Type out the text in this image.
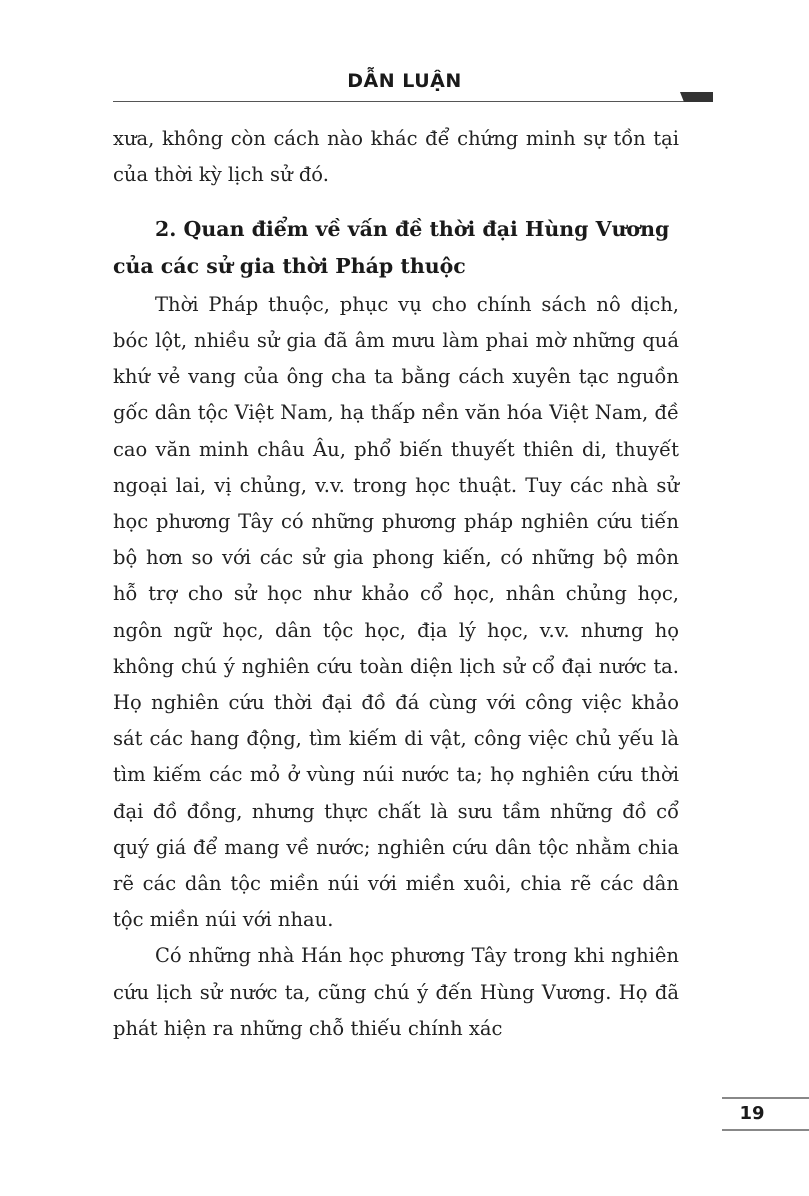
DẪN LUẬN

xưa, không còn cách nào khác để chứng minh sự tồn tại của thời kỳ lịch sử đó.

2. Quan điểm về vấn đề thời đại Hùng Vương của các sử gia thời Pháp thuộc

Thời Pháp thuộc, phục vụ cho chính sách nô dịch, bóc lột, nhiều sử gia đã âm mưu làm phai mờ những quá khứ vẻ vang của ông cha ta bằng cách xuyên tạc nguồn gốc dân tộc Việt Nam, hạ thấp nền văn hóa Việt Nam, đề cao văn minh châu Âu, phổ biến thuyết thiên di, thuyết ngoại lai, vị chủng, v.v. trong học thuật. Tuy các nhà sử học phương Tây có những phương pháp nghiên cứu tiến bộ hơn so với các sử gia phong kiến, có những bộ môn hỗ trợ cho sử học như khảo cổ học, nhân chủng học, ngôn ngữ học, dân tộc học, địa lý học, v.v. nhưng họ không chú ý nghiên cứu toàn diện lịch sử cổ đại nước ta. Họ nghiên cứu thời đại đồ đá cùng với công việc khảo sát các hang động, tìm kiếm di vật, công việc chủ yếu là tìm kiếm các mỏ ở vùng núi nước ta; họ nghiên cứu thời đại đồ đồng, nhưng thực chất là sưu tầm những đồ cổ quý giá để mang về nước; nghiên cứu dân tộc nhằm chia rẽ các dân tộc miền núi với miền xuôi, chia rẽ các dân tộc miền núi với nhau.

Có những nhà Hán học phương Tây trong khi nghiên cứu lịch sử nước ta, cũng chú ý đến Hùng Vương. Họ đã phát hiện ra những chỗ thiếu chính xác

19
